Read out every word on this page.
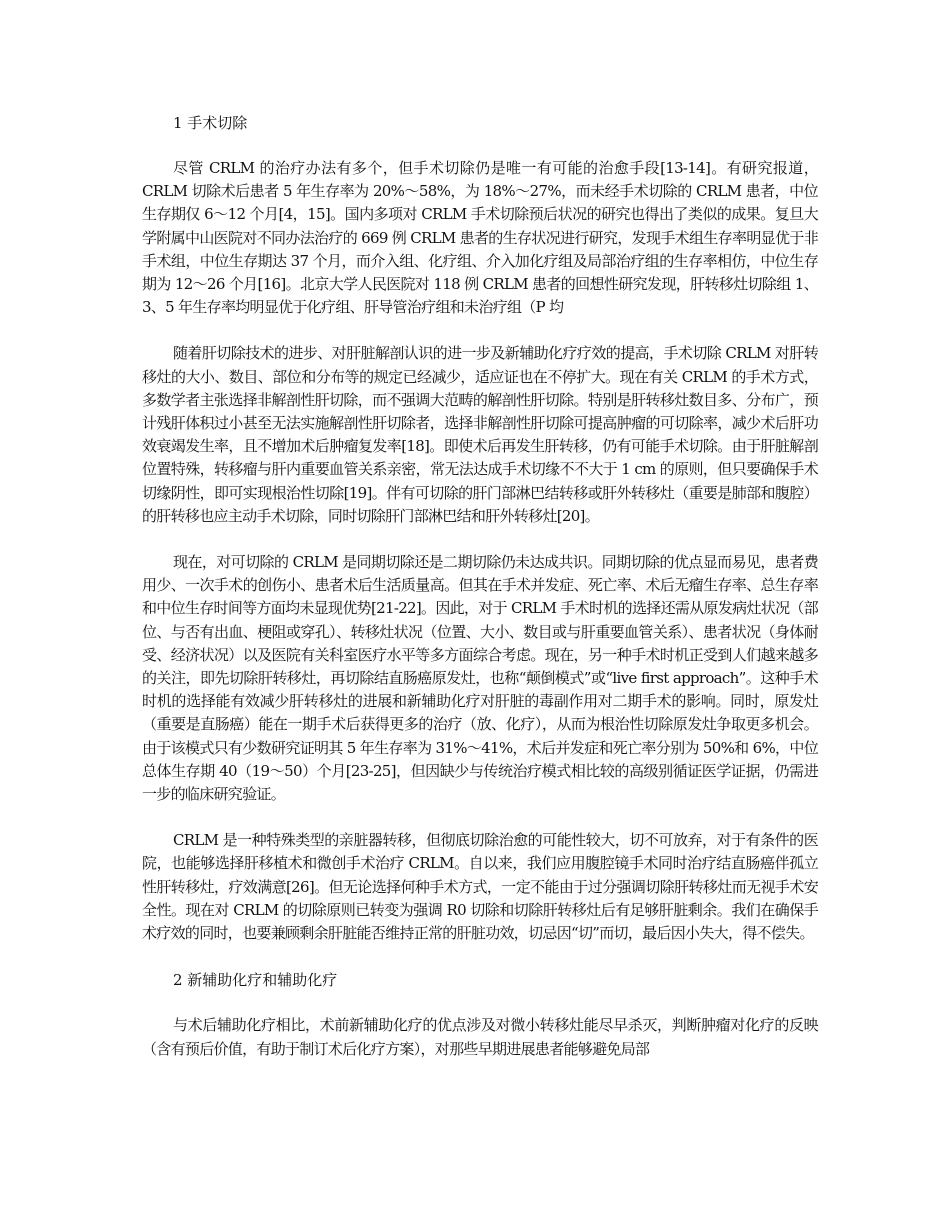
1 手术切除

尽管 CRLM 的治疗办法有多个，但手术切除仍是唯一有可能的治愈手段[13-14]。有研究报道，CRLM 切除术后患者 5 年生存率为 20%～58%，为 18%～27%，而未经手术切除的 CRLM 患者，中位生存期仅 6～12 个月[4，15]。国内多项对 CRLM 手术切除预后状况的研究也得出了类似的成果。复旦大学附属中山医院对不同办法治疗的 669 例 CRLM 患者的生存状况进行研究，发现手术组生存率明显优于非手术组，中位生存期达 37 个月，而介入组、化疗组、介入加化疗组及局部治疗组的生存率相仿，中位生存期为 12～26 个月[16]。北京大学人民医院对 118 例 CRLM 患者的回想性研究发现，肝转移灶切除组 1、3、5 年生存率均明显优于化疗组、肝导管治疗组和未治疗组（P 均

随着肝切除技术的进步、对肝脏解剖认识的进一步及新辅助化疗疗效的提高，手术切除 CRLM 对肝转移灶的大小、数目、部位和分布等的规定已经减少，适应证也在不停扩大。现在有关 CRLM 的手术方式，多数学者主张选择非解剖性肝切除，而不强调大范畴的解剖性肝切除。特别是肝转移灶数目多、分布广，预计残肝体积过小甚至无法实施解剖性肝切除者，选择非解剖性肝切除可提高肿瘤的可切除率，减少术后肝功效衰竭发生率，且不增加术后肿瘤复发率[18]。即使术后再发生肝转移，仍有可能手术切除。由于肝脏解剖位置特殊，转移瘤与肝内重要血管关系亲密，常无法达成手术切缘不不大于 1 cm 的原则，但只要确保手术切缘阴性，即可实现根治性切除[19]。伴有可切除的肝门部淋巴结转移或肝外转移灶（重要是肺部和腹腔）的肝转移也应主动手术切除，同时切除肝门部淋巴结和肝外转移灶[20]。

现在，对可切除的 CRLM 是同期切除还是二期切除仍未达成共识。同期切除的优点显而易见，患者费用少、一次手术的创伤小、患者术后生活质量高。但其在手术并发症、死亡率、术后无瘤生存率、总生存率和中位生存时间等方面均未显现优势[21-22]。因此，对于 CRLM 手术时机的选择还需从原发病灶状况（部位、与否有出血、梗阻或穿孔）、转移灶状况（位置、大小、数目或与肝重要血管关系）、患者状况（身体耐受、经济状况）以及医院有关科室医疗水平等多方面综合考虑。现在，另一种手术时机正受到人们越来越多的关注，即先切除肝转移灶，再切除结直肠癌原发灶，也称“颠倒模式”或“live first approach”。这种手术时机的选择能有效减少肝转移灶的进展和新辅助化疗对肝脏的毒副作用对二期手术的影响。同时，原发灶（重要是直肠癌）能在一期手术后获得更多的治疗（放、化疗），从而为根治性切除原发灶争取更多机会。由于该模式只有少数研究证明其 5 年生存率为 31%～41%，术后并发症和死亡率分别为 50%和 6%，中位总体生存期 40（19～50）个月[23-25]，但因缺少与传统治疗模式相比较的高级别循证医学证据，仍需进一步的临床研究验证。

CRLM 是一种特殊类型的亲脏器转移，但彻底切除治愈的可能性较大，切不可放弃，对于有条件的医院，也能够选择肝移植术和微创手术治疗 CRLM。自以来，我们应用腹腔镜手术同时治疗结直肠癌伴孤立性肝转移灶，疗效满意[26]。但无论选择何种手术方式，一定不能由于过分强调切除肝转移灶而无视手术安全性。现在对 CRLM 的切除原则已转变为强调 R0 切除和切除肝转移灶后有足够肝脏剩余。我们在确保手术疗效的同时，也要兼顾剩余肝脏能否维持正常的肝脏功效，切忌因“切”而切，最后因小失大，得不偿失。

2 新辅助化疗和辅助化疗

与术后辅助化疗相比，术前新辅助化疗的优点涉及对微小转移灶能尽早杀灭，判断肿瘤对化疗的反映（含有预后价值，有助于制订术后化疗方案），对那些早期进展患者能够避免局部
